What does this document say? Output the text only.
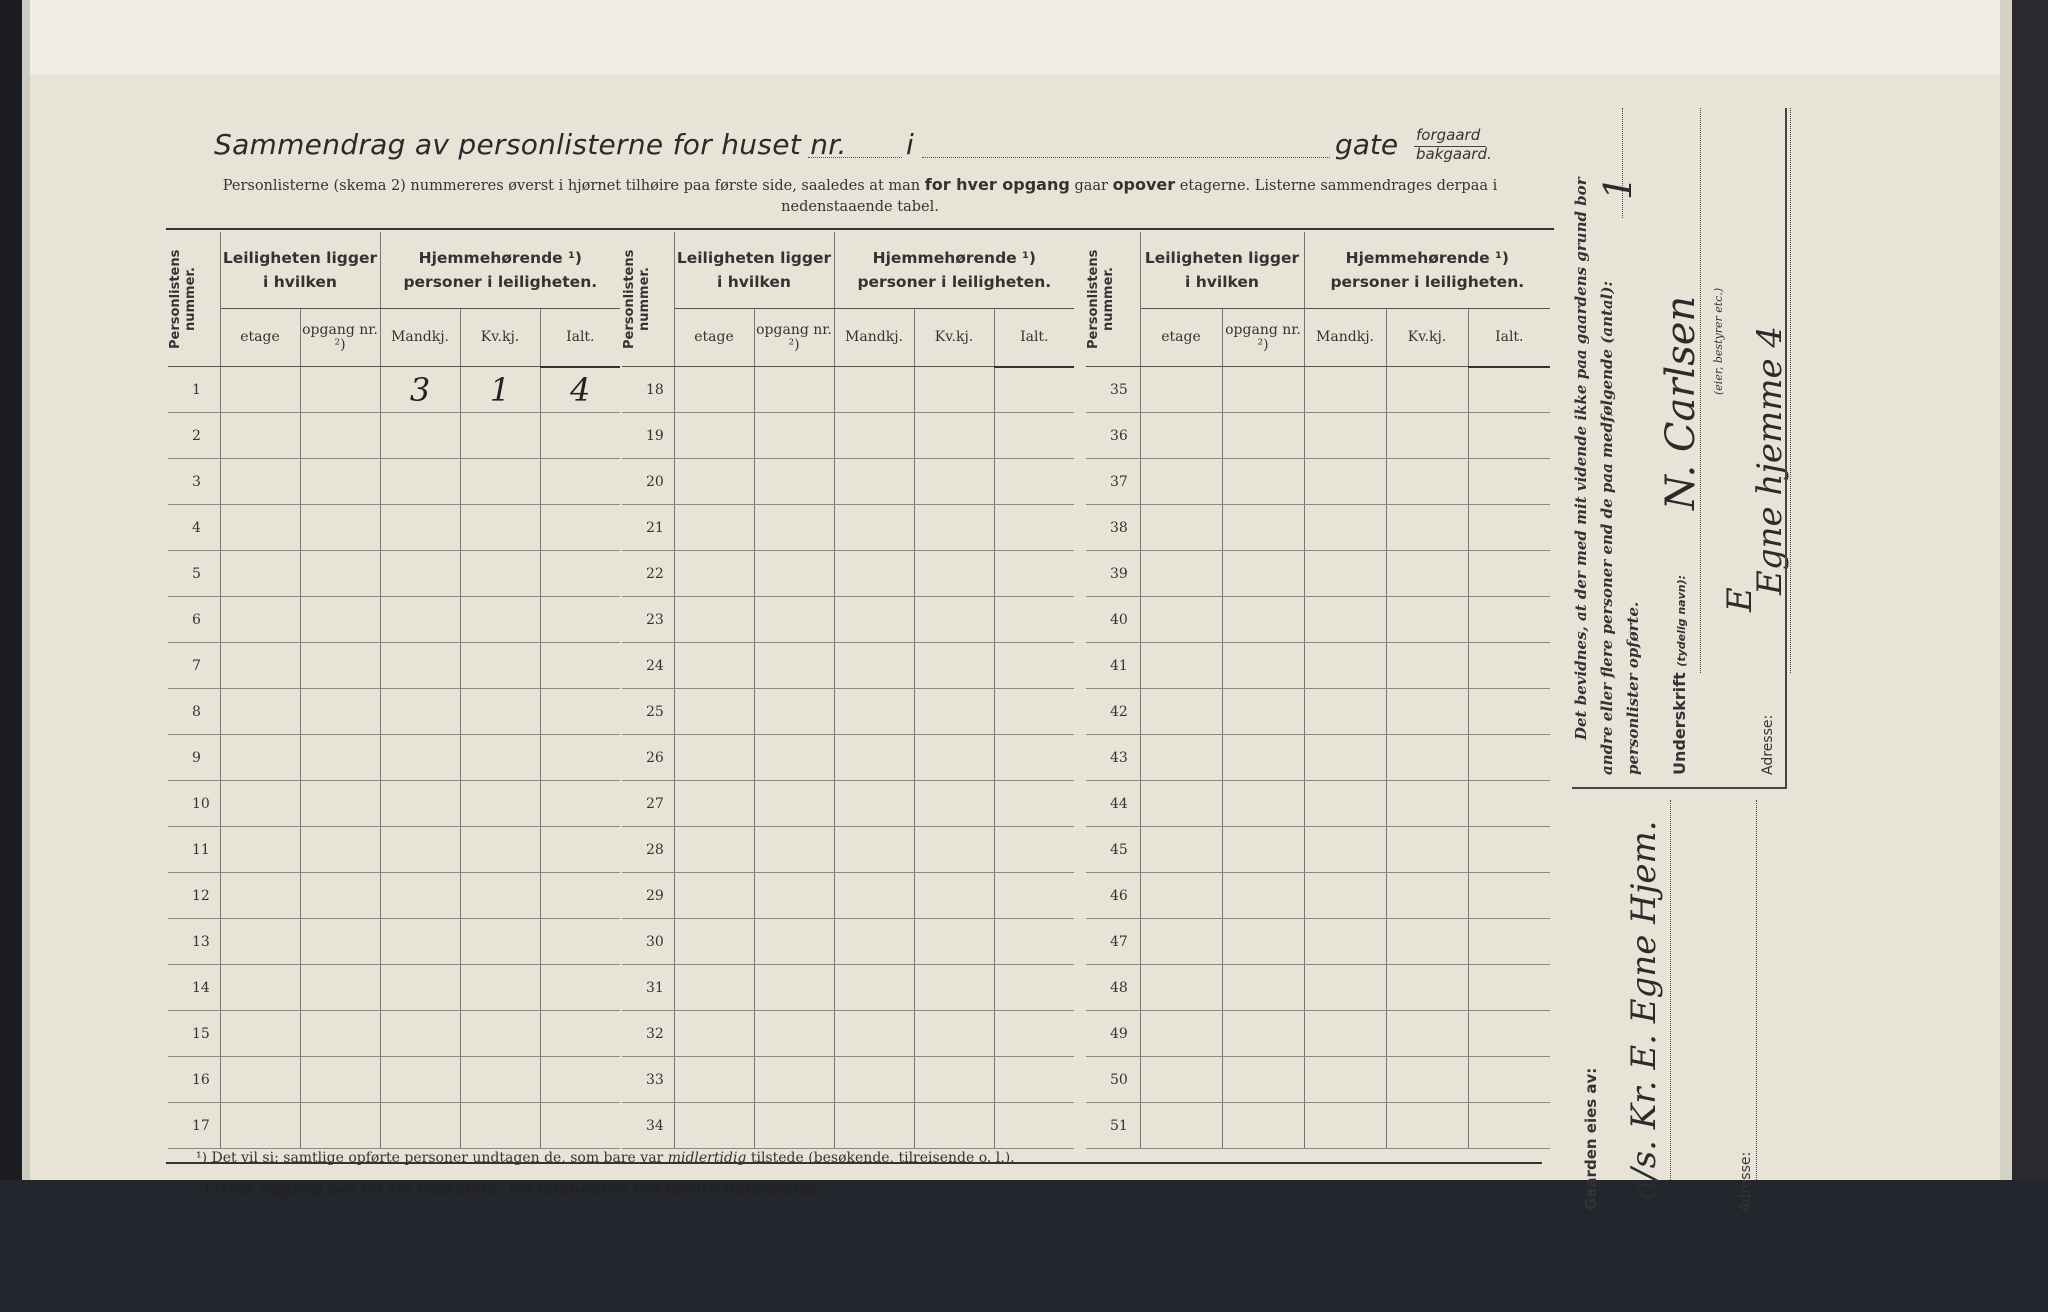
Sammendrag av personlisterne for huset nr. i	gate forgaard
bakgaard.
Personlisterne (skema 2) nummereres øverst i hjørnet tilhøire paa første side, saaledes at man for hver opgang gaar opover etagerne. Listerne sammendrages derpaa i nedenstaaende tabel.
Personlistens nummer.	Leiligheten ligger i hvilken		Hjemmehørende ¹) personer i leiligheten.		
	etage	opgang nr. ²)	Mandkj.	Kv.kj.	Ialt.
1			3	1	4
2					
3					
4					
5					
6					
7					
8					
9					
10					
11					
12					
13					
14					
15					
16					
17					
Personlistens nummer.	Leiligheten ligger i hvilken		Hjemmehørende ¹) personer i leiligheten.		
	etage	opgang nr. ²)	Mandkj.	Kv.kj.	Ialt.
18					
19					
20					
21					
22					
23					
24					
25					
26					
27					
28					
29					
30					
31					
32					
33					
34					
Personlistens nummer.	Leiligheten ligger i hvilken		Hjemmehørende ¹) personer i leiligheten.		
	etage	opgang nr. ²)	Mandkj.	Kv.kj.	Ialt.
35					
36					
37					
38					
39					
40					
41					
42					
43					
44					
45					
46					
47					
48					
49					
50					
51					
¹) Det vil si: samtlige opførte personer undtagen de, som bare var midlertidig tilstede (besøkende, tilreisende o. l.).
²) Hver opgang bør ha sin bestemte, for leieboerne bekjendte betegnelse.
Det bevidnes, at der med mit vidende ikke paa gaardens grund bor andre eller flere personer end de paa medfølgende (antal): personlister opførte.
1
Underskrift (tydelig navn):
(eier, bestyrer etc.)
N. Carlsen
Adresse:
Egne hjemme 4
E
Gaarden eies av: a/s. Kr. E. Egne Hjem.	Adresse:
